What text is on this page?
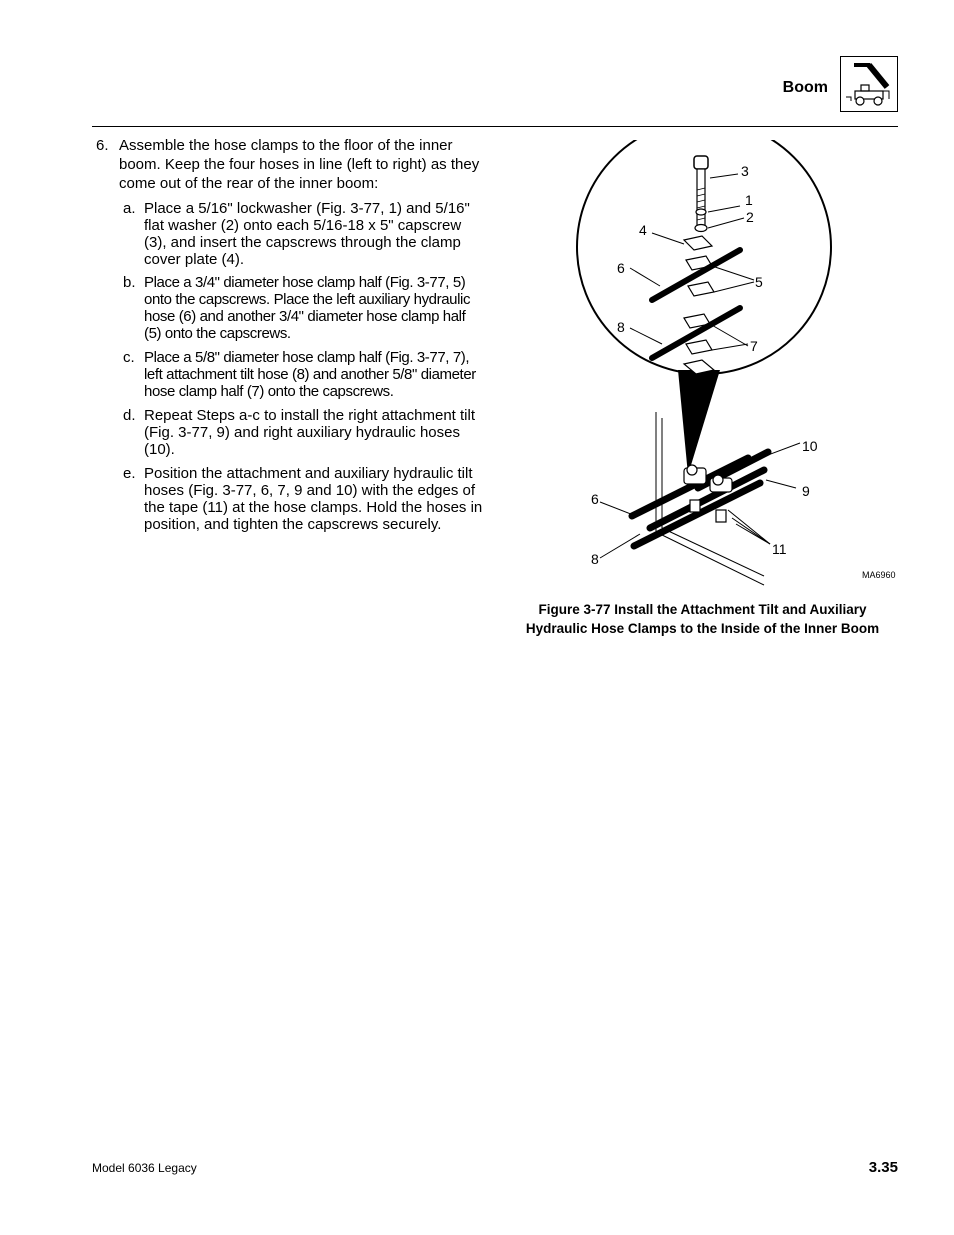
Boom
6. Assemble the hose clamps to the floor of the inner boom. Keep the four hoses in line (left to right) as they come out of the rear of the inner boom:
a. Place a 5/16" lockwasher (Fig. 3-77, 1) and 5/16" flat washer (2) onto each 5/16-18 x 5" capscrew (3), and insert the capscrews through the clamp cover plate (4).
b. Place a 3/4" diameter hose clamp half (Fig. 3-77, 5) onto the capscrews. Place the left auxiliary hydraulic hose (6) and another 3/4" diameter hose clamp half (5) onto the capscrews.
c. Place a 5/8" diameter hose clamp half (Fig. 3-77, 7), left attachment tilt hose (8) and another 5/8" diameter hose clamp half (7) onto the capscrews.
d. Repeat Steps a-c to install the right attachment tilt (Fig. 3-77, 9) and right auxiliary hydraulic hoses (10).
e. Position the attachment and auxiliary hydraulic tilt hoses (Fig. 3-77, 6, 7, 9 and 10) with the edges of the tape (11) at the hose clamps. Hold the hoses in position, and tighten the capscrews securely.
3
1
2
4
6
5
8
7
10
9
6
8
11
MA6960
Figure 3-77 Install the Attachment Tilt and Auxiliary
Hydraulic Hose Clamps to the Inside of the Inner Boom
Model 6036 Legacy	3.35
